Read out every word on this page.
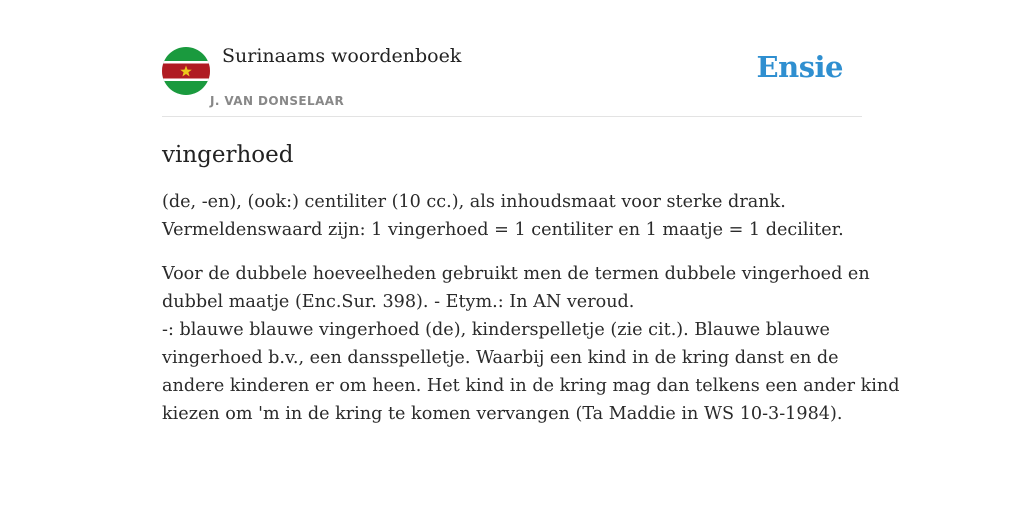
Surinaams woordenboek
J. VAN DONSELAAR
Ensie
vingerhoed

(de, -en), (ook:) centiliter (10 cc.), als inhoudsmaat voor sterke drank.
Vermeldenswaard zijn: 1 vingerhoed = 1 centiliter en 1 maatje = 1 deciliter.

Voor de dubbele hoeveelheden gebruikt men de termen dubbele vingerhoed en
dubbel maatje (Enc.Sur. 398). - Etym.: In AN veroud.
-: blauwe blauwe vingerhoed (de), kinderspelletje (zie cit.). Blauwe blauwe
vingerhoed b.v., een dansspelletje. Waarbij een kind in de kring danst en de
andere kinderen er om heen. Het kind in de kring mag dan telkens een ander kind
kiezen om 'm in de kring te komen vervangen (Ta Maddie in WS 10-3-1984).
